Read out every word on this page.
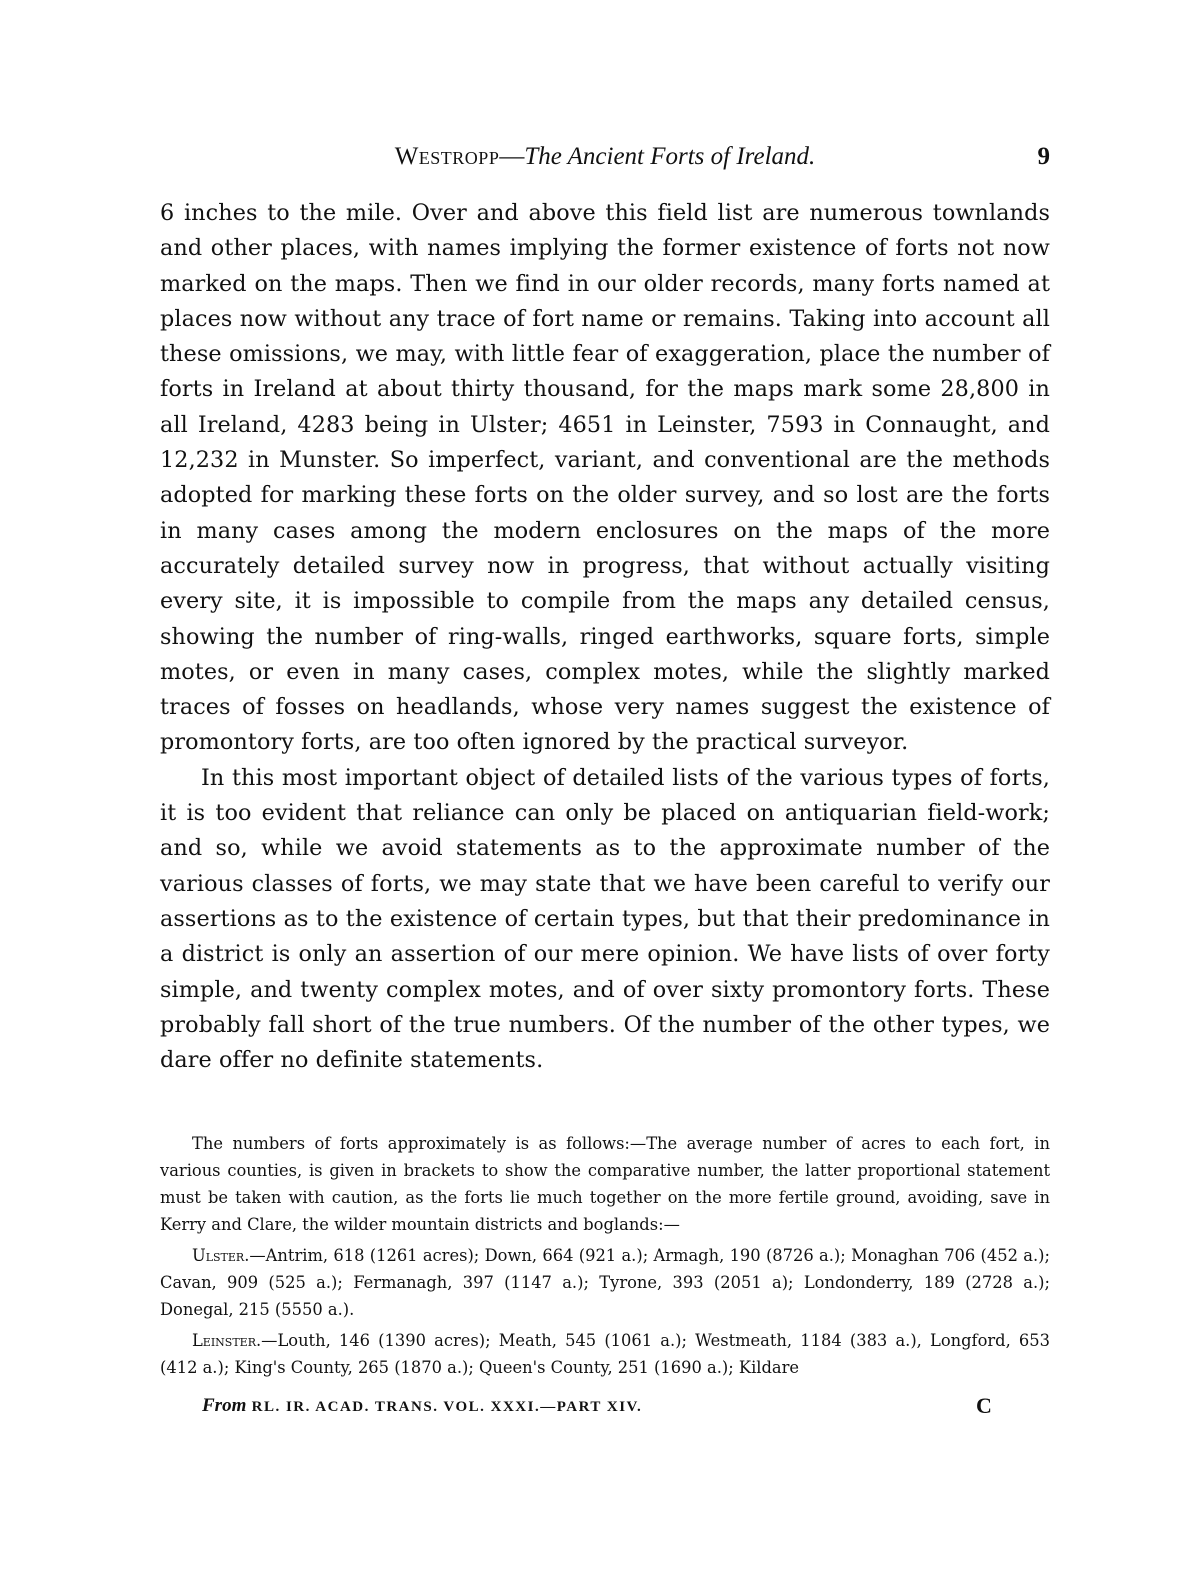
Westropp—The Ancient Forts of Ireland.	9

6 inches to the mile. Over and above this field list are numerous townlands and other places, with names implying the former existence of forts not now marked on the maps. Then we find in our older records, many forts named at places now without any trace of fort name or remains. Taking into account all these omissions, we may, with little fear of exaggeration, place the number of forts in Ireland at about thirty thousand, for the maps mark some 28,800 in all Ireland, 4283 being in Ulster; 4651 in Leinster, 7593 in Connaught, and 12,232 in Munster. So imperfect, variant, and conventional are the methods adopted for marking these forts on the older survey, and so lost are the forts in many cases among the modern enclosures on the maps of the more accurately detailed survey now in progress, that without actually visiting every site, it is impossible to compile from the maps any detailed census, showing the number of ring-walls, ringed earthworks, square forts, simple motes, or even in many cases, complex motes, while the slightly marked traces of fosses on headlands, whose very names suggest the existence of promontory forts, are too often ignored by the practical surveyor.

In this most important object of detailed lists of the various types of forts, it is too evident that reliance can only be placed on antiquarian field-work; and so, while we avoid statements as to the approximate number of the various classes of forts, we may state that we have been careful to verify our assertions as to the existence of certain types, but that their predominance in a district is only an assertion of our mere opinion. We have lists of over forty simple, and twenty complex motes, and of over sixty promontory forts. These probably fall short of the true numbers. Of the number of the other types, we dare offer no definite statements.

The numbers of forts approximately is as follows:—The average number of acres to each fort, in various counties, is given in brackets to show the comparative number, the latter proportional statement must be taken with caution, as the forts lie much together on the more fertile ground, avoiding, save in Kerry and Clare, the wilder mountain districts and boglands:—

Ulster.—Antrim, 618 (1261 acres); Down, 664 (921 a.); Armagh, 190 (8726 a.); Monaghan 706 (452 a.); Cavan, 909 (525 a.); Fermanagh, 397 (1147 a.); Tyrone, 393 (2051 a); Londonderry, 189 (2728 a.); Donegal, 215 (5550 a.).

Leinster.—Louth, 146 (1390 acres); Meath, 545 (1061 a.); Westmeath, 1184 (383 a.), Longford, 653 (412 a.); King's County, 265 (1870 a.); Queen's County, 251 (1690 a.); Kildare

From RL. IR. ACAD. TRANS. VOL. XXXI.—PART XIV.	C
